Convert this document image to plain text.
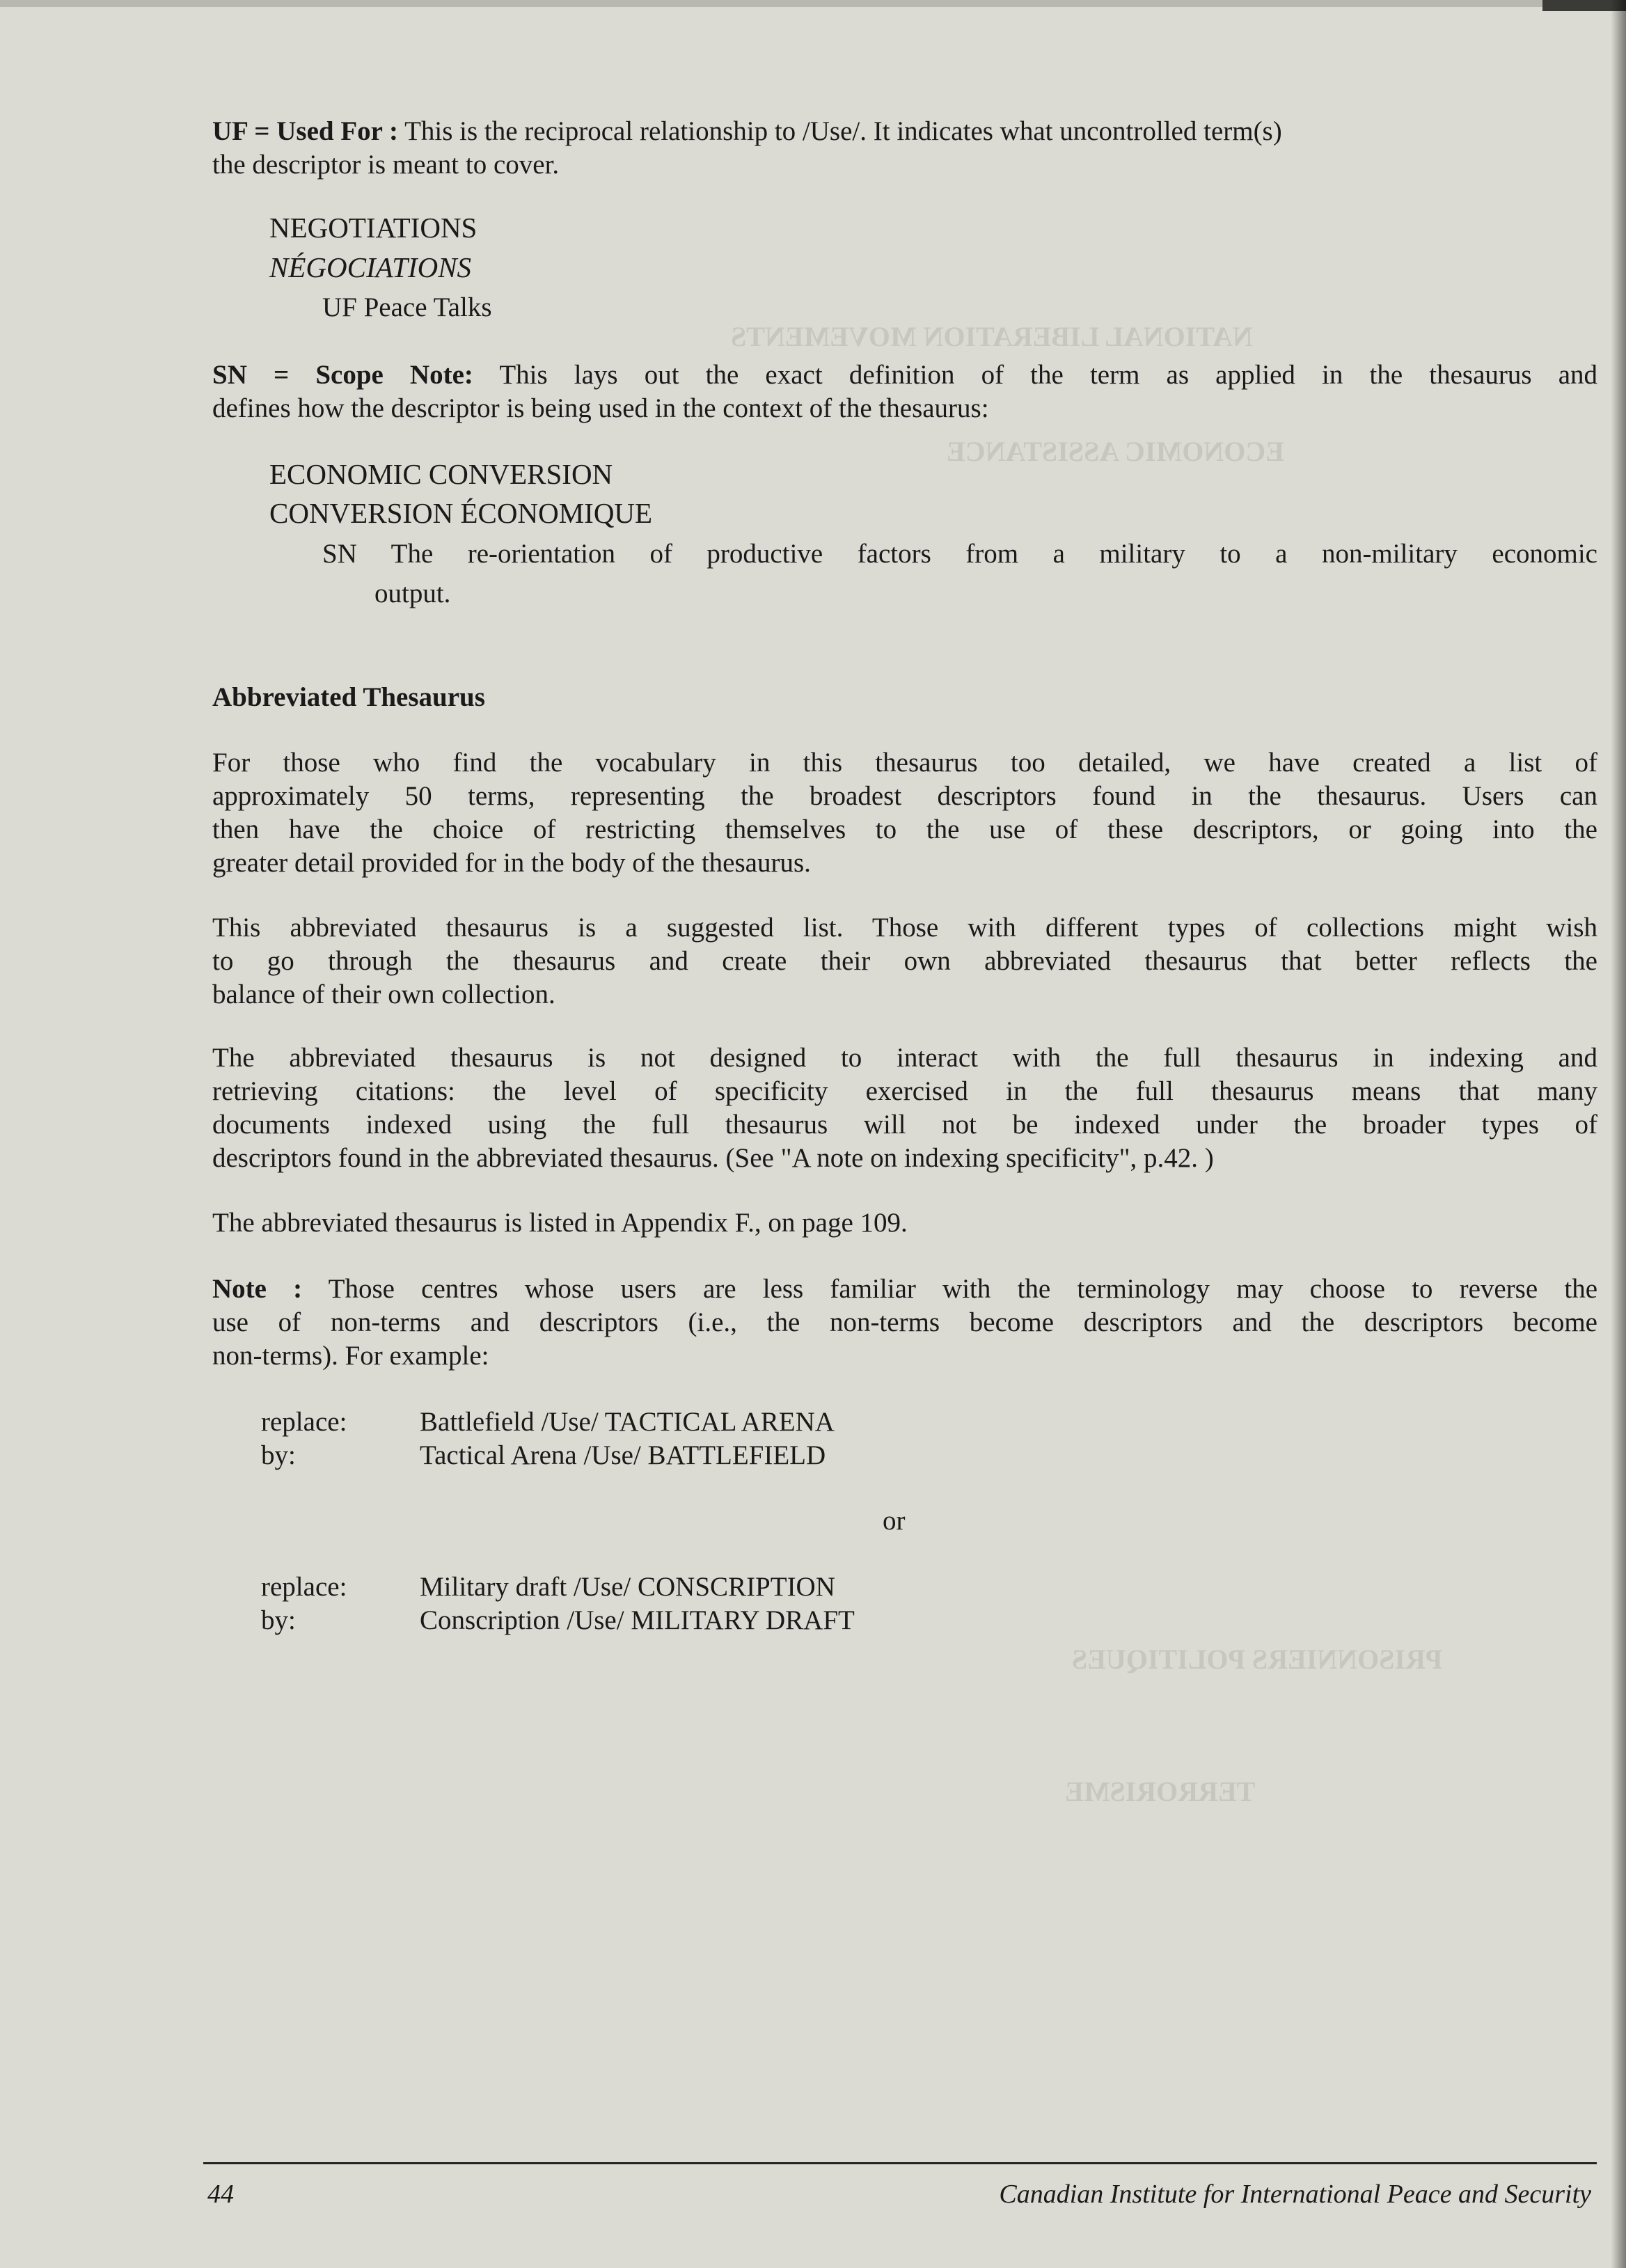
NATIONAL LIBERATION MOVEMENTS
ECONOMIC ASSISTANCE
PRISONNIERS POLITIQUES
TERRORISME
UF = Used For : This is the reciprocal relationship to /Use/. It indicates what uncontrolled term(s)
the descriptor is meant to cover.
NEGOTIATIONS
NÉGOCIATIONS
UF Peace Talks
SN = Scope Note: This lays out the exact definition of the term as applied in the thesaurus and
defines how the descriptor is being used in the context of the thesaurus:
ECONOMIC CONVERSION
CONVERSION ÉCONOMIQUE
SN The re-orientation of productive factors from a military to a non-military economic
output.
Abbreviated Thesaurus
For those who find the vocabulary in this thesaurus too detailed, we have created a list of
approximately 50 terms, representing the broadest descriptors found in the thesaurus. Users can
then have the choice of restricting themselves to the use of these descriptors, or going into the
greater detail provided for in the body of the thesaurus.
This abbreviated thesaurus is a suggested list. Those with different types of collections might wish
to go through the thesaurus and create their own abbreviated thesaurus that better reflects the
balance of their own collection.
The abbreviated thesaurus is not designed to interact with the full thesaurus in indexing and
retrieving citations: the level of specificity exercised in the full thesaurus means that many
documents indexed using the full thesaurus will not be indexed under the broader types of
descriptors found in the abbreviated thesaurus. (See "A note on indexing specificity", p.42. )
The abbreviated thesaurus is listed in Appendix F., on page 109.
Note : Those centres whose users are less familiar with the terminology may choose to reverse the
use of non-terms and descriptors (i.e., the non-terms become descriptors and the descriptors become
non-terms). For example:
replace:	Battlefield /Use/ TACTICAL ARENA
by:	Tactical Arena /Use/ BATTLEFIELD
or
replace:	Military draft /Use/ CONSCRIPTION
by:	Conscription /Use/ MILITARY DRAFT
44	Canadian Institute for International Peace and Security
